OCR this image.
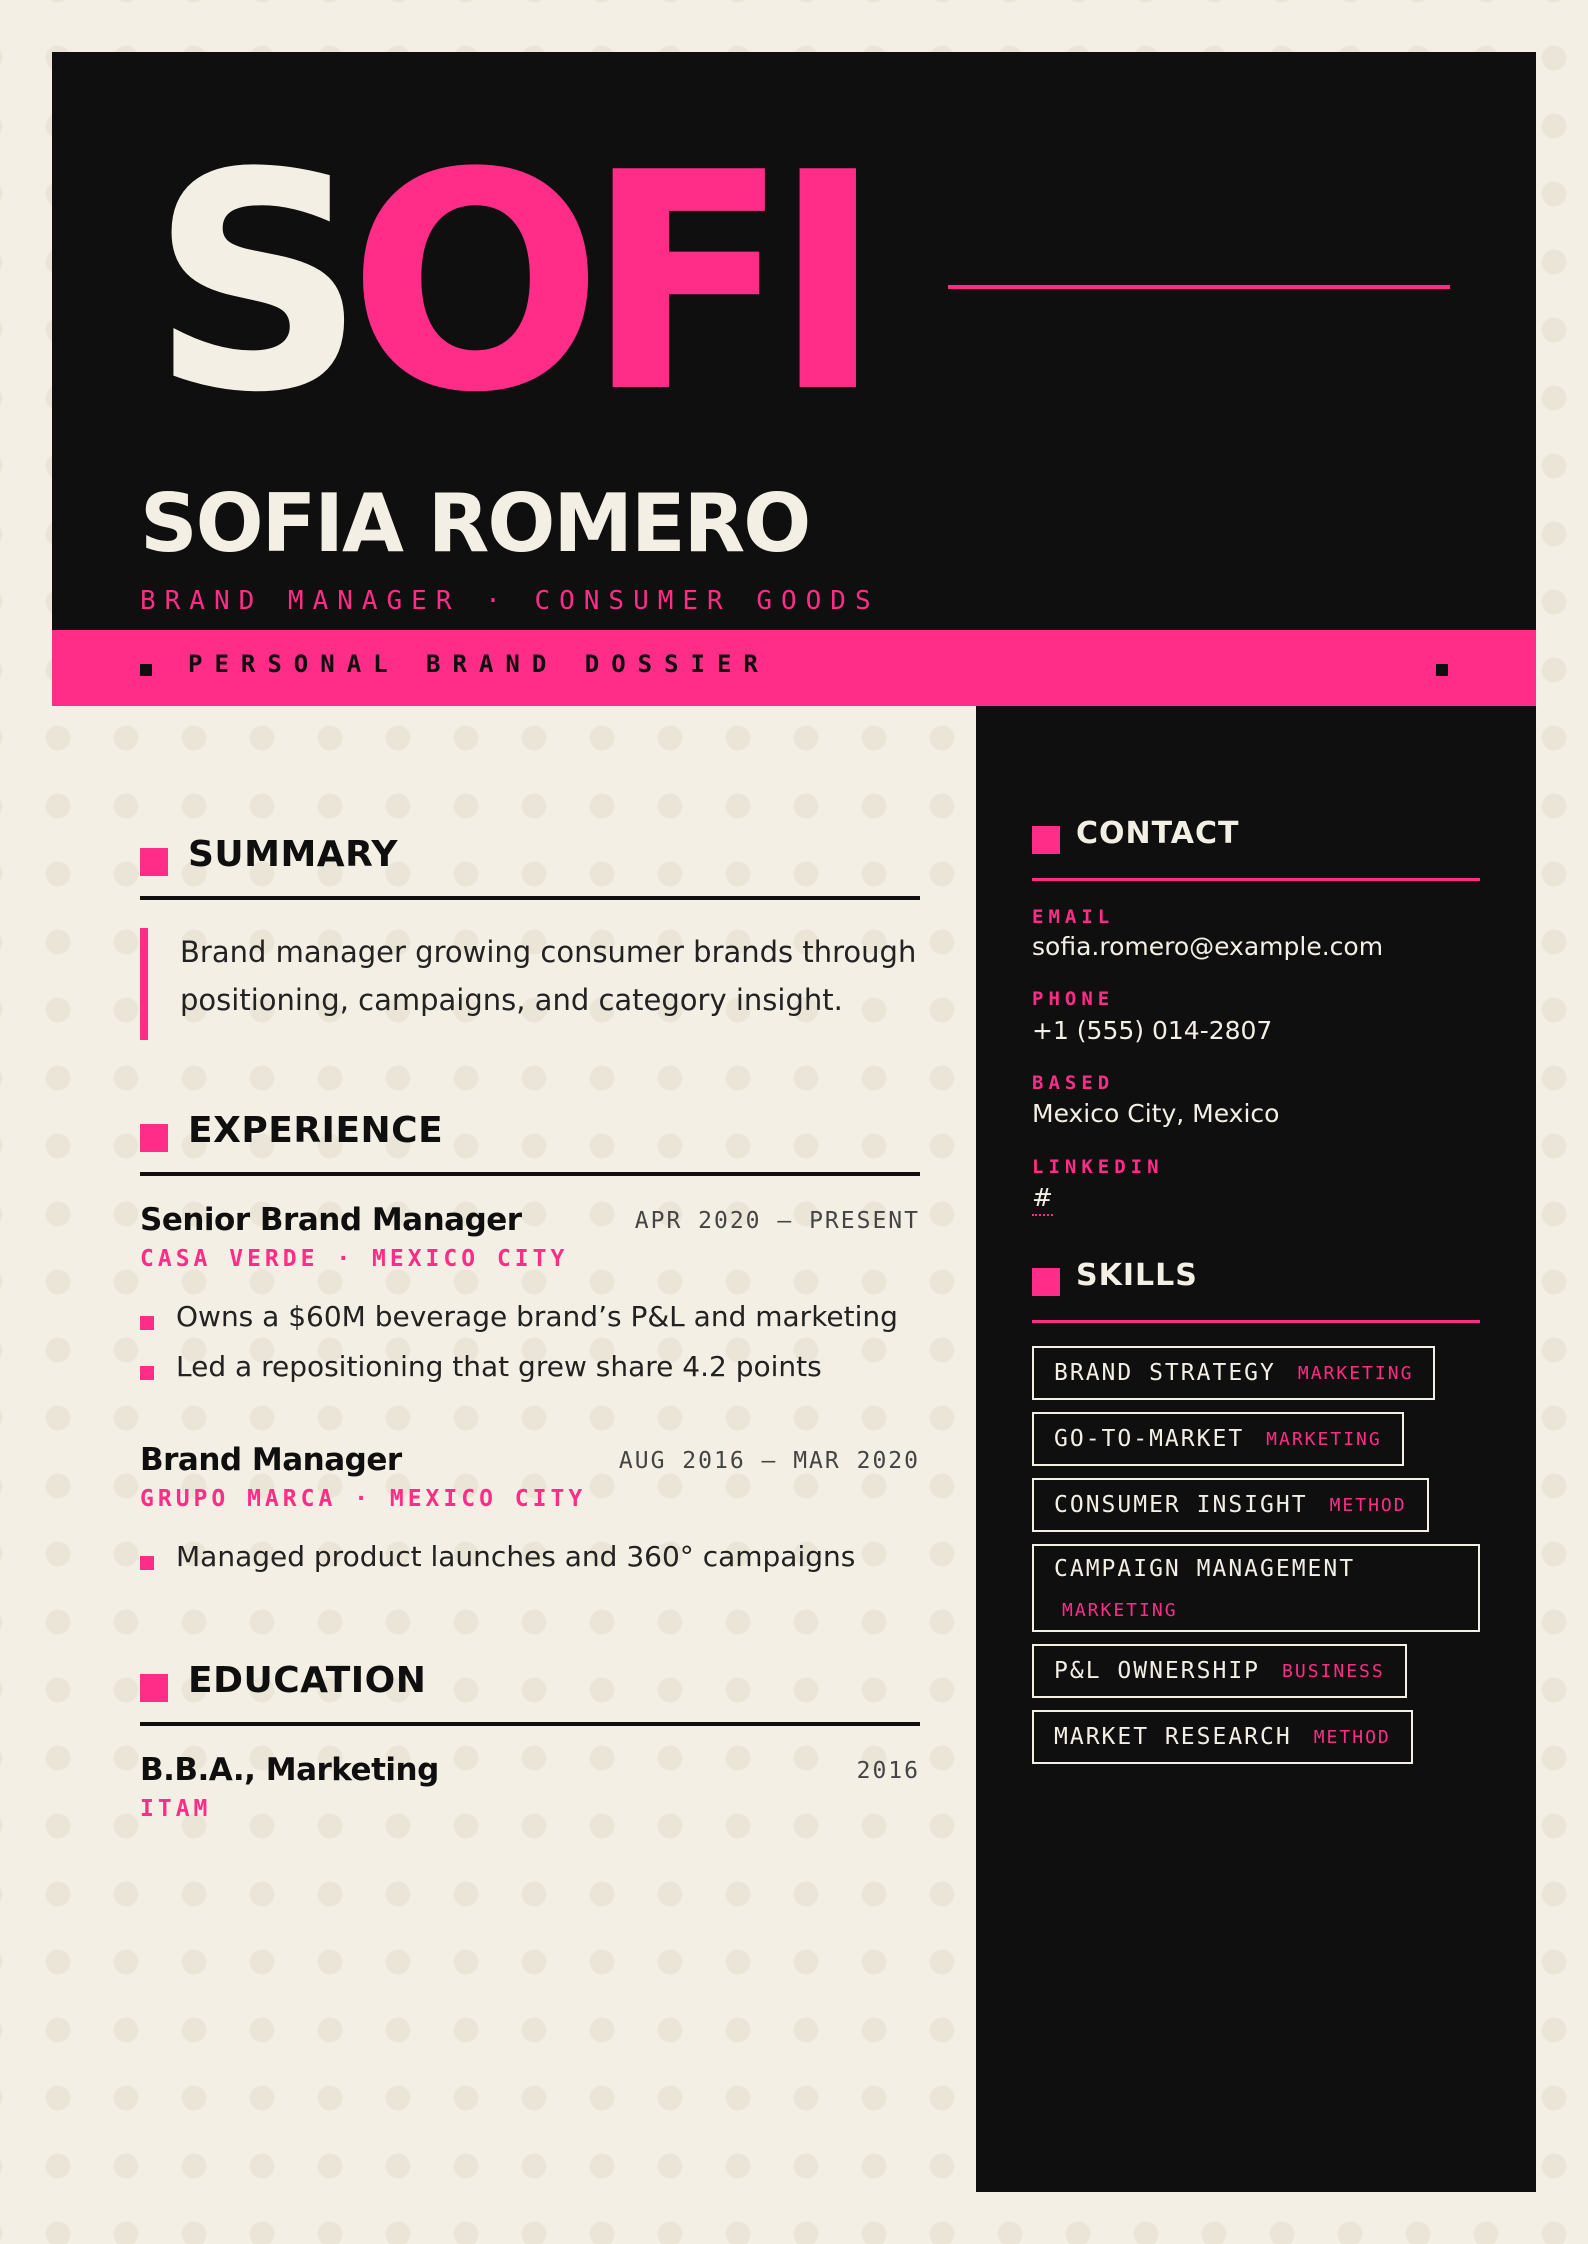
SOFI
SOFIA ROMERO
BRAND MANAGER · CONSUMER GOODS
PERSONAL BRAND DOSSIER
SUMMARY

Brand manager growing consumer brands through positioning, campaigns, and category insight.

EXPERIENCE
Senior Brand Manager	APR 2020 — PRESENT
CASA VERDE · MEXICO CITY
Owns a $60M beverage brand’s P&L and marketing
Led a repositioning that grew share 4.2 points
Brand Manager	AUG 2016 — MAR 2020
GRUPO MARCA · MEXICO CITY
Managed product launches and 360° campaigns
EDUCATION
B.B.A., Marketing	2016
ITAM
CONTACT
EMAIL
sofia.romero@example.com
PHONE
+1 (555) 014-2807
BASED
Mexico City, Mexico
LINKEDIN
#
SKILLS
BRAND STRATEGY MARKETING
GO-TO-MARKET MARKETING
CONSUMER INSIGHT METHOD
CAMPAIGN MANAGEMENT
MARKETING
P&L OWNERSHIP BUSINESS
MARKET RESEARCH METHOD
